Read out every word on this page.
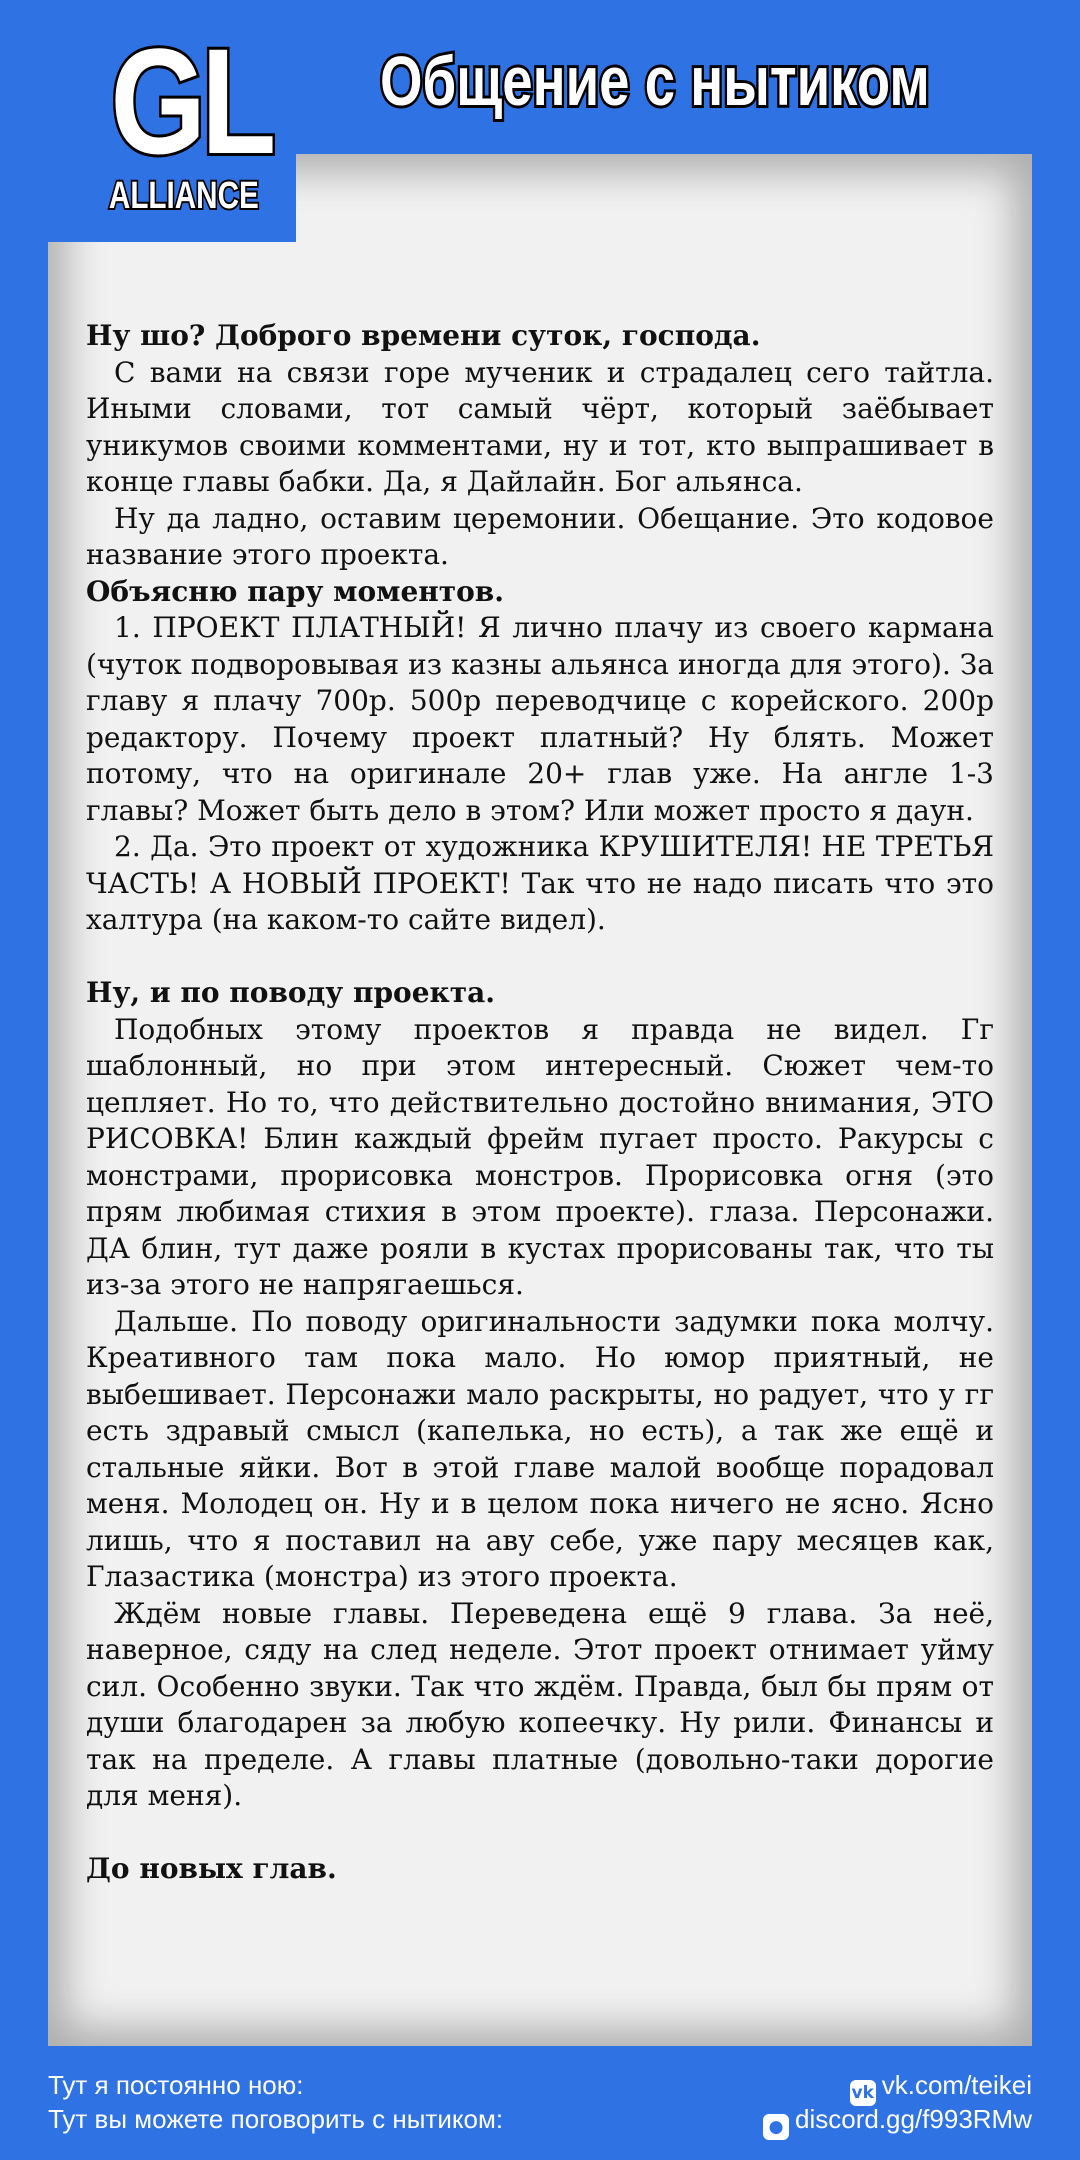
GL
ALLIANCE
Общение с нытиком

Ну шо? Доброго времени суток, господа.

С вами на связи горе мученик и страдалец сего тайтла. Иными словами, тот самый чёрт, который заёбывает уникумов своими комментами, ну и тот, кто выпрашивает в конце главы бабки. Да, я Дайлайн. Бог альянса.

Ну да ладно, оставим церемонии. Обещание. Это кодовое название этого проекта.

Объясню пару моментов.

1. ПРОЕКТ ПЛАТНЫЙ! Я лично плачу из своего кармана (чуток подворовывая из казны альянса иногда для этого). За главу я плачу 700р. 500р переводчице с корейского. 200р редактору. Почему проект платный? Ну блять. Может потому, что на оригинале 20+ глав уже. На англе 1-3 главы? Может быть дело в этом? Или может просто я даун.

2. Да. Это проект от художника КРУШИТЕЛЯ! НЕ ТРЕТЬЯ ЧАСТЬ! А НОВЫЙ ПРОЕКТ! Так что не надо писать что это халтура (на каком-то сайте видел).

Ну, и по поводу проекта.

Подобных этому проектов я правда не видел. Гг шаблонный, но при этом интересный. Сюжет чем-то цепляет. Но то, что действительно достойно внимания, ЭТО РИСОВКА! Блин каждый фрейм пугает просто. Ракурсы с монстрами, прорисовка монстров. Прорисовка огня (это прям любимая стихия в этом проекте). глаза. Персонажи. ДА блин, тут даже рояли в кустах прорисованы так, что ты из-за этого не напрягаешься.

Дальше. По поводу оригинальности задумки пока молчу. Креативного там пока мало. Но юмор приятный, не выбешивает. Персонажи мало раскрыты, но радует, что у гг есть здравый смысл (капелька, но есть), а так же ещё и стальные яйки. Вот в этой главе малой вообще порадовал меня. Молодец он. Ну и в целом пока ничего не ясно. Ясно лишь, что я поставил на аву себе, уже пару месяцев как, Глазастика (монстра) из этого проекта.

Ждём новые главы. Переведена ещё 9 глава. За неё, наверное, сяду на след неделе. Этот проект отнимает уйму сил. Особенно звуки. Так что ждём. Правда, был бы прям от души благодарен за любую копеечку. Ну рили. Финансы и так на пределе. А главы платные (довольно-таки дорогие для меня).

До новых глав.

Тут я постоянно ною:	vk vk.com/teikei
Тут вы можете поговорить с нытиком:	● discord.gg/f993RMw
